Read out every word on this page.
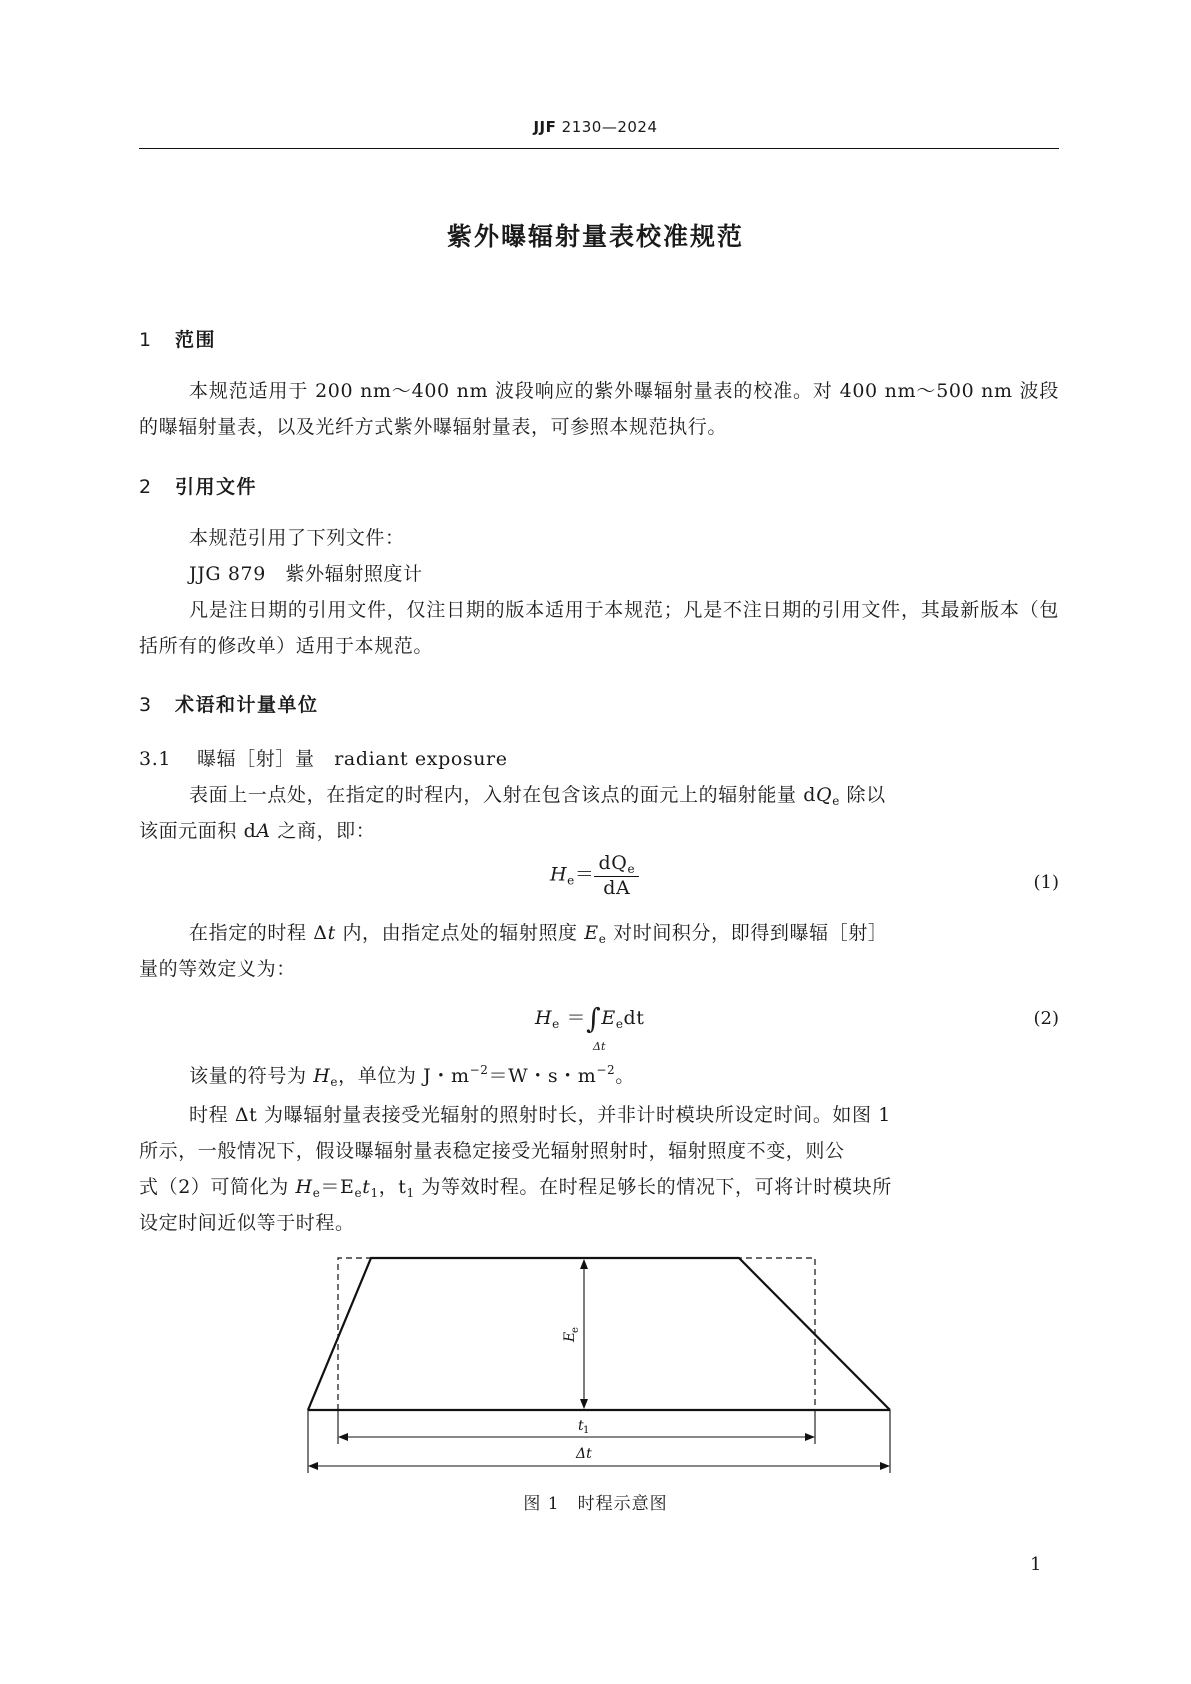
JJF 2130—2024
紫外曝辐射量表校准规范
1 范围
本规范适用于 200 nm～400 nm 波段响应的紫外曝辐射量表的校准。对 400 nm～500 nm 波段的曝辐射量表，以及光纤方式紫外曝辐射量表，可参照本规范执行。
2 引用文件
本规范引用了下列文件：
JJG 879　紫外辐射照度计
凡是注日期的引用文件，仅注日期的版本适用于本规范；凡是不注日期的引用文件，其最新版本（包括所有的修改单）适用于本规范。
3 术语和计量单位
3.1 曝辐［射］量　 radiant exposure
表面上一点处，在指定的时程内，入射在包含该点的面元上的辐射能量 $dQ_e$ 除以
该面元面积 dA 之商，即：
$H_e= \frac{dQ_e}{dA}$	(1)
在指定的时程 Δt 内，由指定点处的辐射照度 $E_e$ 对时间积分，即得到曝辐［射］
量的等效定义为：
$H_e =\int E_edt$
Δt
(2)
该量的符号为 $H_e$，单位为 J・$m^{-2}=W$・s・$m^{-2}$。
时程 Δt 为曝辐射量表接受光辐射的照射时长，并非计时模块所设定时间。如图 1
所示，一般情况下，假设曝辐射量表稳定接受光辐射照射时，辐射照度不变，则公
式（2）可简化为 $H_e=E_et_1$，$t_1$ 为等效时程。在时程足够长的情况下，可将计时模块所
设定时间近似等于时程。
E
e
t 1
Δt
图 1　时程示意图
1
